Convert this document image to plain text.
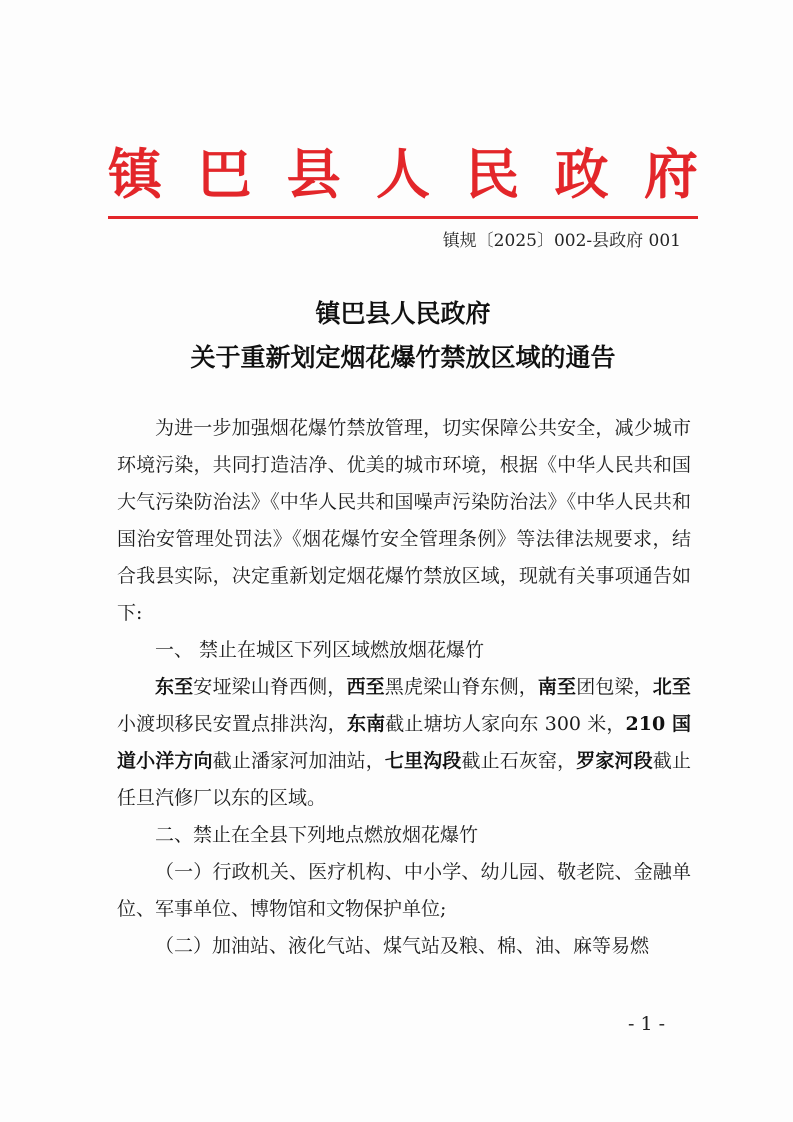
镇 巴 县 人 民 政 府
镇规〔2025〕002-县政府 001
镇巴县人民政府
关于重新划定烟花爆竹禁放区域的通告

为进一步加强烟花爆竹禁放管理，切实保障公共安全，减少城市环境污染，共同打造洁净、优美的城市环境，根据《中华人民共和国大气污染防治法》《中华人民共和国噪声污染防治法》《中华人民共和国治安管理处罚法》《烟花爆竹安全管理条例》等法律法规要求，结合我县实际，决定重新划定烟花爆竹禁放区域，现就有关事项通告如下:

一、 禁止在城区下列区域燃放烟花爆竹

东至安垭梁山脊西侧，西至黑虎梁山脊东侧，南至团包梁，北至小渡坝移民安置点排洪沟，东南截止塘坊人家向东 300 米，210 国道小洋方向截止潘家河加油站，七里沟段截止石灰窑，罗家河段截止任旦汽修厂以东的区域。

二、禁止在全县下列地点燃放烟花爆竹

（一）行政机关、医疗机构、中小学、幼儿园、敬老院、金融单位、军事单位、博物馆和文物保护单位;

（二）加油站、液化气站、煤气站及粮、棉、油、麻等易燃

- 1 -
